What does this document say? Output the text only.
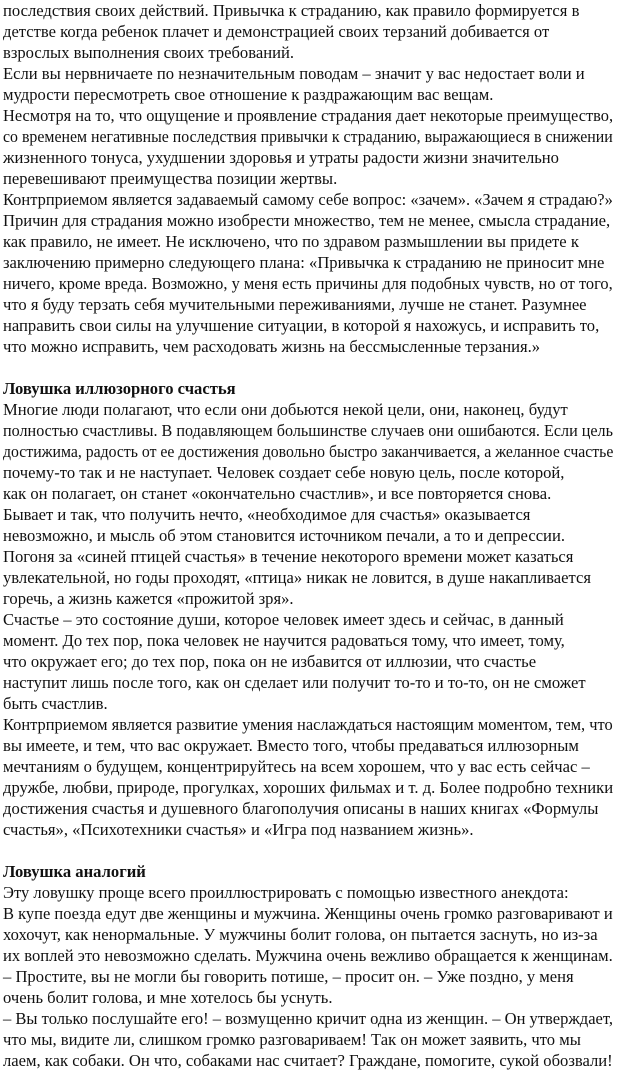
последствия своих действий. Привычка к страданию, как правило формируется в
детстве когда ребенок плачет и демонстрацией своих терзаний добивается от
взрослых выполнения своих требований.
Если вы нервничаете по незначительным поводам – значит у вас недостает воли и
мудрости пересмотреть свое отношение к раздражающим вас вещам.
Несмотря на то, что ощущение и проявление страдания дает некоторые преимущество,со временем негативные последствия привычки к страданию, выражающиеся в снижении
жизненного тонуса, ухудшении здоровья и утраты радости жизни значительно
перевешивают преимущества позиции жертвы.
Контрприемом является задаваемый самому себе вопрос: «зачем». «Зачем я страдаю?»
Причин для страдания можно изобрести множество, тем не менее, смысла страдание,
как правило, не имеет. Не исключено, что по здравом размышлении вы придете к
заключению примерно следующего плана: «Привычка к страданию не приносит мне
ничего, кроме вреда. Возможно, у меня есть причины для подобных чувств, но от того,
что я буду терзать себя мучительными переживаниями, лучше не станет. Разумнее
направить свои силы на улучшение ситуации, в которой я нахожусь, и исправить то,
что можно исправить, чем расходовать жизнь на бессмысленные терзания.»
Ловушка иллюзорного счастья
Многие люди полагают, что если они добьются некой цели, они, наконец, будут
полностью счастливы. В подавляющем большинстве случаев они ошибаются. Если цельдостижима, радость от ее достижения довольно быстро заканчивается, а желанное счастье
почему-то так и не наступает. Человек создает себе новую цель, после которой,
как он полагает, он станет «окончательно счастлив», и все повторяется снова.
Бывает и так, что получить нечто, «необходимое для счастья» оказывается
невозможно, и мысль об этом становится источником печали, а то и депрессии.
Погоня за «синей птицей счастья» в течение некоторого времени может казаться
увлекательной, но годы проходят, «птица» никак не ловится, в душе накапливается
горечь, а жизнь кажется «прожитой зря».
Счастье – это состояние души, которое человек имеет здесь и сейчас, в данный
момент. До тех пор, пока человек не научится радоваться тому, что имеет, тому,
что окружает его; до тех пор, пока он не избавится от иллюзии, что счастье
наступит лишь после того, как он сделает или получит то-то и то-то, он не сможет
быть счастлив.
Контрприемом является развитие умения наслаждаться настоящим моментом, тем, что
вы имеете, и тем, что вас окружает. Вместо того, чтобы предаваться иллюзорным
мечтаниям о будущем, концентрируйтесь на всем хорошем, что у вас есть сейчас –
дружбе, любви, природе, прогулках, хороших фильмах и т. д. Более подробно техники
достижения счастья и душевного благополучия описаны в наших книгах «Формулы
счастья», «Психотехники счастья» и «Игра под названием жизнь».
Ловушка аналогий
Эту ловушку проще всего проиллюстрировать с помощью известного анекдота:
В купе поезда едут две женщины и мужчина. Женщины очень громко разговаривают и
хохочут, как ненормальные. У мужчины болит голова, он пытается заснуть, но из-за
их воплей это невозможно сделать. Мужчина очень вежливо обращается к женщинам.
– Простите, вы не могли бы говорить потише, – просит он. – Уже поздно, у меня
очень болит голова, и мне хотелось бы уснуть.
– Вы только послушайте его! – возмущенно кричит одна из женщин. – Он утверждает,
что мы, видите ли, слишком громко разговариваем! Так он может заявить, что мы
лаем, как собаки. Он что, собаками нас считает? Граждане, помогите, сукой обозвали!
